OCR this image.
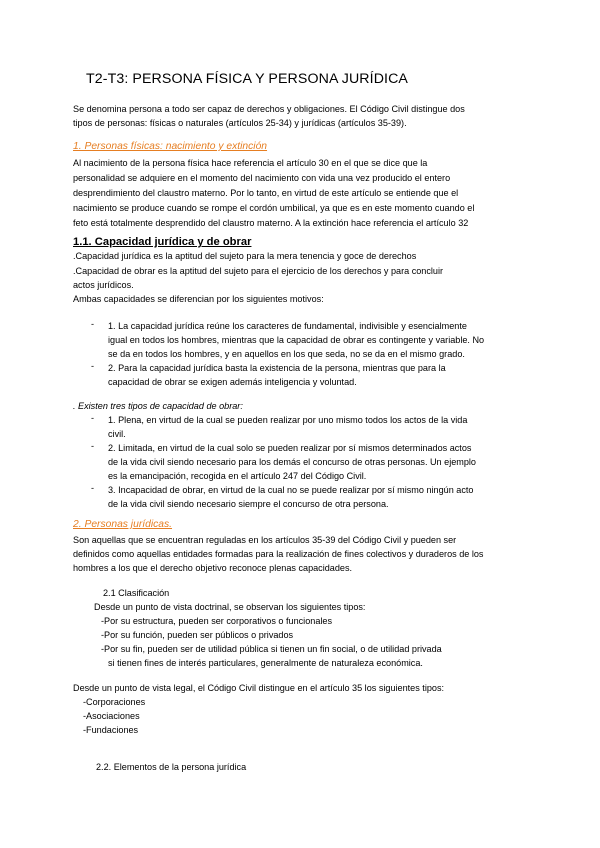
T2-T3: PERSONA FÍSICA Y PERSONA JURÍDICA
Se denomina persona a todo ser capaz de derechos y obligaciones. El Código Civil distingue dos
tipos de personas: físicas o naturales (artículos 25-34) y jurídicas (artículos 35-39).
1. Personas físicas: nacimiento y extinción
Al nacimiento de la persona física hace referencia el artículo 30 en el que se dice que la
personalidad se adquiere en el momento del nacimiento con vida una vez producido el entero
desprendimiento del claustro materno. Por lo tanto, en virtud de este artículo se entiende que el
nacimiento se produce cuando se rompe el cordón umbilical, ya que es en este momento cuando el
feto está totalmente desprendido del claustro materno. A la extinción hace referencia el artículo 32
1.1. Capacidad jurídica y de obrar
.Capacidad jurídica es la aptitud del sujeto para la mera tenencia y goce de derechos
.Capacidad de obrar es la aptitud del sujeto para el ejercicio de los derechos y para concluir
actos jurídicos.
Ambas capacidades se diferencian por los siguientes motivos:
- 1. La capacidad jurídica reúne los caracteres de fundamental, indivisible y esencialmente
igual en todos los hombres, mientras que la capacidad de obrar es contingente y variable. No
se da en todos los hombres, y en aquellos en los que seda, no se da en el mismo grado.
- 2. Para la capacidad jurídica basta la existencia de la persona, mientras que para la
capacidad de obrar se exigen además inteligencia y voluntad.
. Existen tres tipos de capacidad de obrar:
- 1. Plena, en virtud de la cual se pueden realizar por uno mismo todos los actos de la vida
civil.
- 2. Limitada, en virtud de la cual solo se pueden realizar por sí mismos determinados actos
de la vida civil siendo necesario para los demás el concurso de otras personas. Un ejemplo
es la emancipación, recogida en el artículo 247 del Código Civil.
- 3. Incapacidad de obrar, en virtud de la cual no se puede realizar por sí mismo ningún acto
de la vida civil siendo necesario siempre el concurso de otra persona.
2. Personas jurídicas.
Son aquellas que se encuentran reguladas en los artículos 35-39 del Código Civil y pueden ser
definidos como aquellas entidades formadas para la realización de fines colectivos y duraderos de los
hombres a los que el derecho objetivo reconoce plenas capacidades.
2.1 Clasificación
Desde un punto de vista doctrinal, se observan los siguientes tipos:
-Por su estructura, pueden ser corporativos o funcionales
-Por su función, pueden ser públicos o privados
-Por su fin, pueden ser de utilidad pública si tienen un fin social, o de utilidad privada
si tienen fines de interés particulares, generalmente de naturaleza económica.
Desde un punto de vista legal, el Código Civil distingue en el artículo 35 los siguientes tipos:
-Corporaciones
-Asociaciones
-Fundaciones
2.2. Elementos de la persona jurídica
